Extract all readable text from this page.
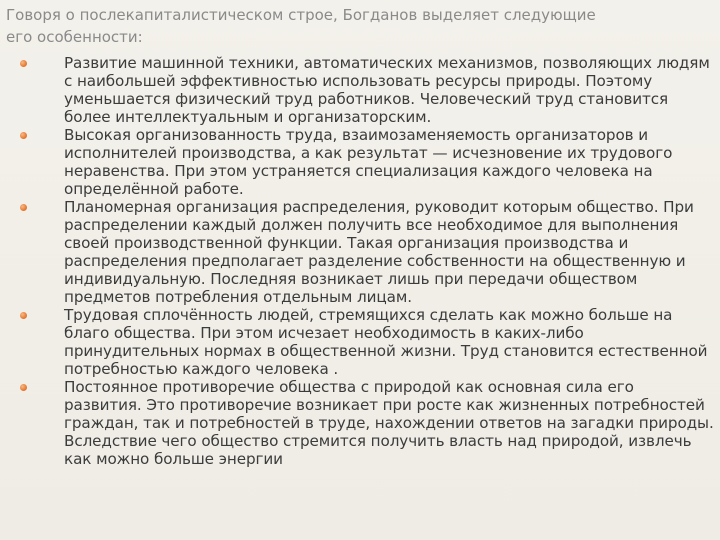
Говоря о послекапиталистическом строе, Богданов выделяет следующие его особенности:
Развитие машинной техники, автоматических механизмов, позволяющих людям с наибольшей эффективностью использовать ресурсы природы. Поэтому уменьшается физический труд работников. Человеческий труд становится более интеллектуальным и организаторским.
Высокая организованность труда, взаимозаменяемость организаторов и исполнителей производства, а как результат — исчезновение их трудового неравенства. При этом устраняется специализация каждого человека на определённой работе.
Планомерная организация распределения, руководит которым общество. При распределении каждый должен получить все необходимое для выполнения своей производственной функции. Такая организация производства и распределения предполагает разделение собственности на общественную и индивидуальную. Последняя возникает лишь при передачи обществом предметов потребления отдельным лицам.
Трудовая сплочённость людей, стремящихся сделать как можно больше на благо общества. При этом исчезает необходимость в каких-либо принудительных нормах в общественной жизни. Труд становится естественной потребностью каждого человека .
Постоянное противоречие общества с природой как основная сила его развития. Это противоречие возникает при росте как жизненных потребностей граждан, так и потребностей в труде, нахождении ответов на загадки природы. Вследствие чего общество стремится получить власть над природой, извлечь как можно больше энергии
